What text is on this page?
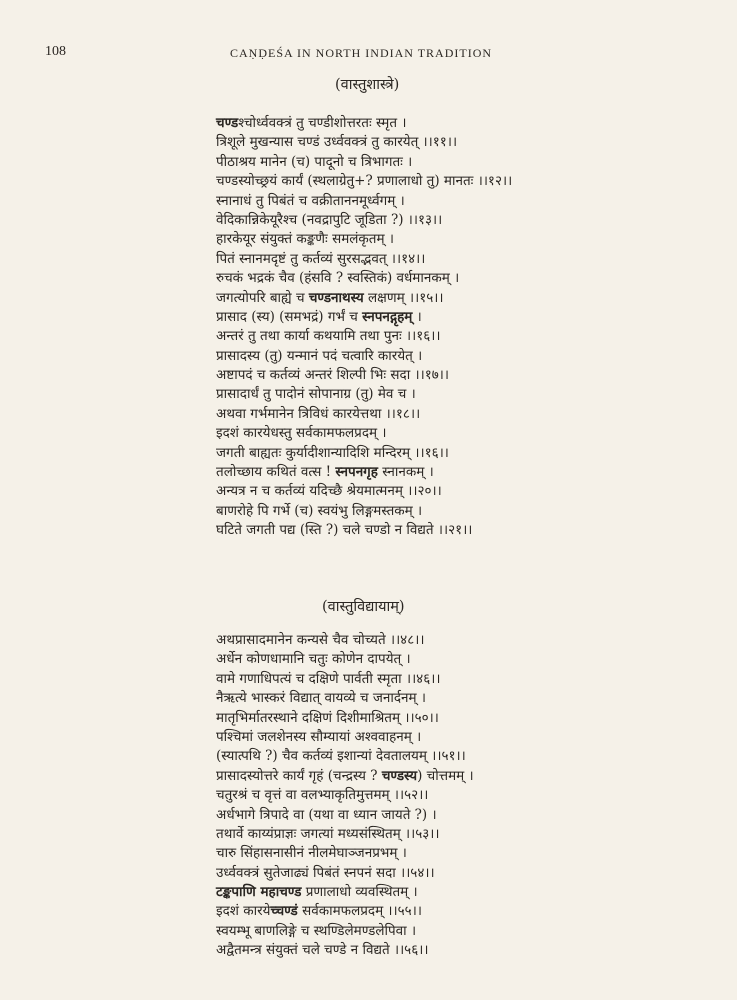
108	CAṆḌEŚA IN NORTH INDIAN TRADITION
(वास्तुशास्त्रे)
चण्डश्चोर्ध्ववक्त्रं तु चण्डीशोत्तरतः स्मृत ।
त्रिशूले मुखन्यास चण्डं उर्ध्ववक्त्रं तु कारयेत् ।।११।।
पीठाश्रय मानेन (च) पादूनो च त्रिभागतः ।
चण्डस्योच्छ्रयं कार्यं (स्थलाग्रेतु+? प्रणालाधो तु) मानतः ।।१२।।
स्नानाधं तु पिबंतं च वक्रीताननमूर्ध्वगम् ।
वेदिकान्निकेयूरैश्च (नवद्रापुटि जूडिता ?) ।।१३।।
हारकेयूर संयुक्तं कङ्कणैः समलंकृतम् ।
पितं स्नानमदृष्टं तु कर्तव्यं सुरसद्भवत् ।।१४।।
रुचकं भद्रकं चैव (हंसवि ? स्वस्तिकं) वर्धमानकम् ।
जगत्योपरि बाह्ये च चण्डनाथस्य लक्षणम् ।।१५।।
प्रासाद (स्य) (समभद्रं) गर्भं च स्नपनद्गृहम् ।
अन्तरं तु तथा कार्या कथयामि तथा पुनः ।।१६।।
प्रासादस्य (तु) यन्मानं पदं चत्वारि कारयेत् ।
अष्टापदं च कर्तव्यं अन्तरं शिल्पी भिः सदा ।।१७।।
प्रासादार्धं तु पादोनं सोपानाग्र (तु) मेव च ।
अथवा गर्भमानेन त्रिविधं कारयेत्तथा ।।१८।।
इदशं कारयेधस्तु सर्वकामफलप्रदम् ।
जगती बाह्यतः कुर्यादीशान्यादिशि मन्दिरम् ।।१६।।
तलोच्छाय कथितं वत्स ! स्नपनगृह स्नानकम् ।
अन्यत्र न च कर्तव्यं यदिच्छै श्रेयमात्मनम् ।।२०।।
बाणरोहे पि गर्भे (च) स्वयंभु लिङ्गमस्तकम् ।
घटिते जगती पद्य (स्ति ?) चले चण्डो न विद्यते ।।२१।।
(वास्तुविद्यायाम्)
अथप्रासादमानेन कन्यसे चैव चोच्यते ।।४८।।
अर्धेन कोणधामानि चतुः कोणेन दापयेत् ।
वामे गणाधिपत्यं च दक्षिणे पार्वती स्मृता ।।४६।।
नैऋत्ये भास्करं विद्यात् वायव्ये च जनार्दनम् ।
मातृभिर्मातरस्थाने दक्षिणं दिशीमाश्रितम् ।।५०।।
पश्चिमां जलशेनस्य सौम्यायां अश्ववाहनम् ।
(स्यात्पथि ?) चैव कर्तव्यं इशान्यां देवतालयम् ।।५१।।
प्रासादस्योत्तरे कार्यं गृहं (चन्द्रस्य ? चण्डस्य) चोत्तमम् ।
चतुरश्रं च वृत्तं वा वलभ्याकृतिमुत्तमम् ।।५२।।
अर्धभागे त्रिपादे वा (यथा वा ध्यान जायते ?) ।
तथार्वे काय्यंप्राज्ञः जगत्यां मध्यसंस्थितम् ।।५३।।
चारु सिंहासनासीनं नीलमेघाञ्जनप्रभम् ।
उर्ध्ववक्त्रं सुतेजाढ्यं पिबंतं स्नपनं सदा ।।५४।।
टङ्कपाणि महाचण्ड प्रणालाधो व्यवस्थितम् ।
इदशं कारयेच्चण्डं सर्वकामफलप्रदम् ।।५५।।
स्वयम्भू बाणलिङ्गे च स्थण्डिलेमण्डलेपिवा ।
अद्वैतमन्त्र संयुक्तं चले चण्डे न विद्यते ।।५६।।
